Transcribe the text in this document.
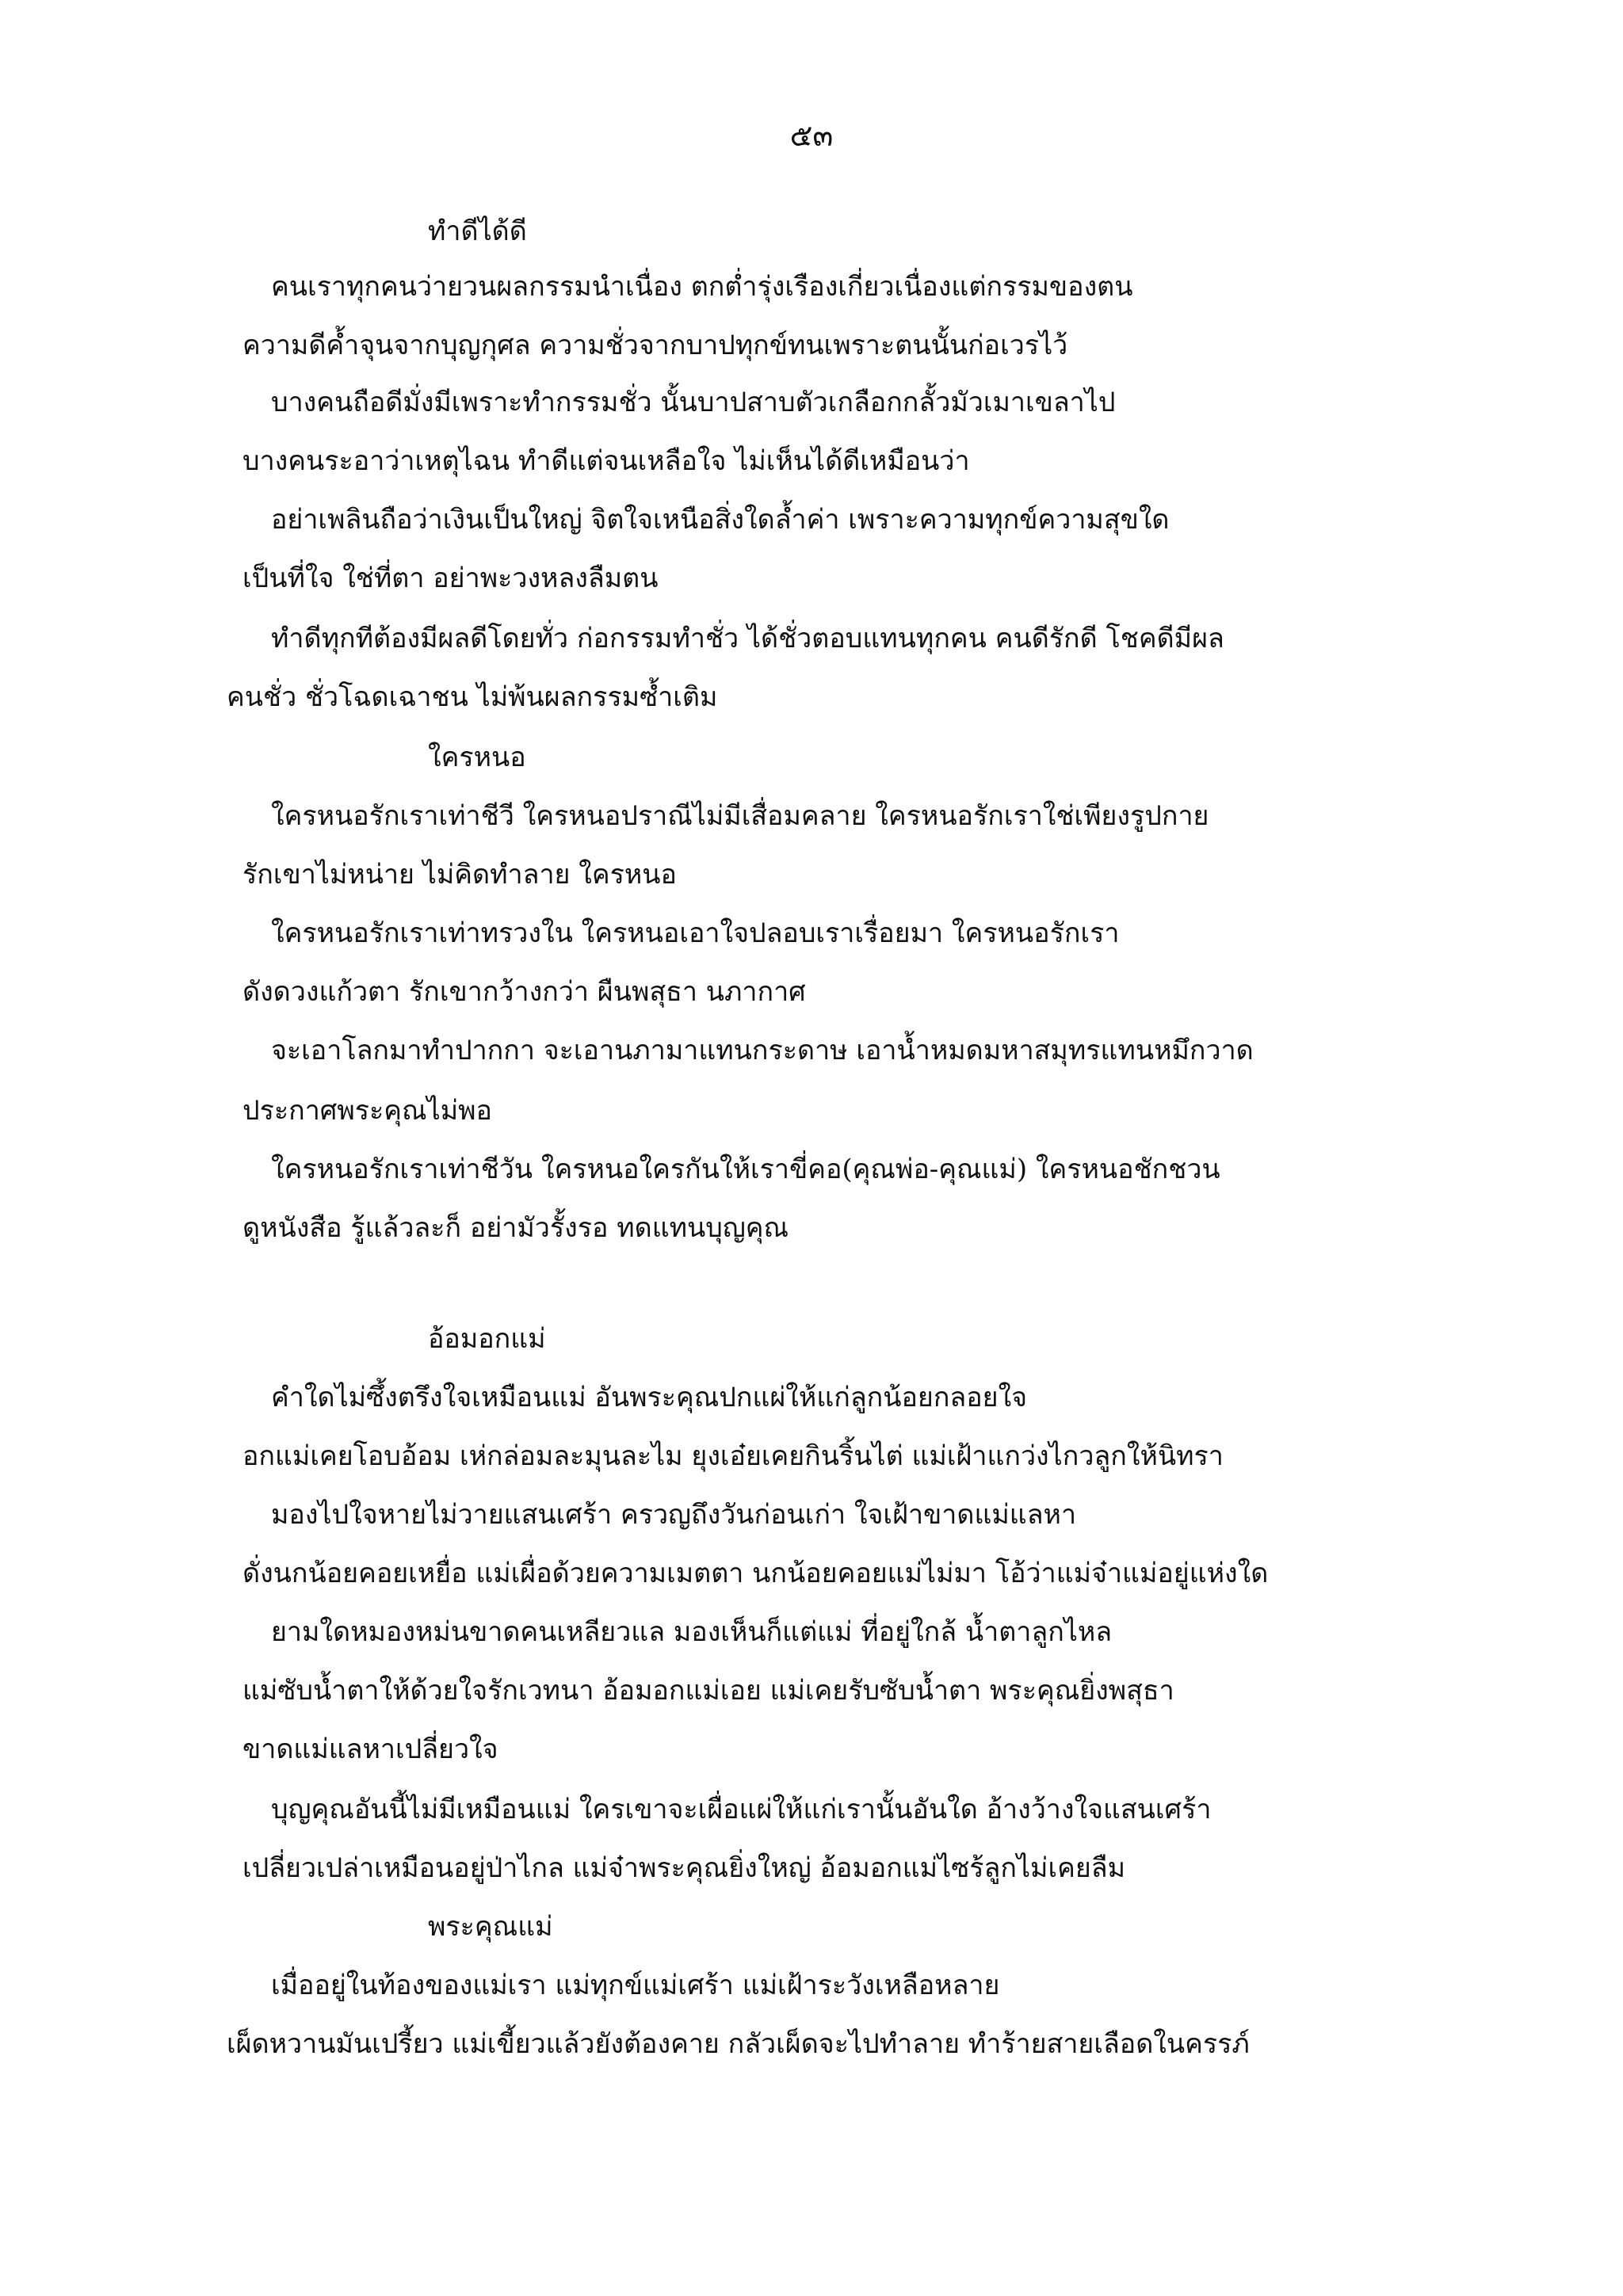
๕๓
ทำดีได้ดี
คนเราทุกคนว่ายวนผลกรรมนำเนื่อง ตกต่ำรุ่งเรืองเกี่ยวเนื่องแต่กรรมของตน
ความดีค้ำจุนจากบุญกุศล ความชั่วจากบาปทุกข์ทนเพราะตนนั้นก่อเวรไว้
บางคนถือดีมั่งมีเพราะทำกรรมชั่ว นั้นบาปสาบตัวเกลือกกลั้วมัวเมาเขลาไป
บางคนระอาว่าเหตุไฉน ทำดีแต่จนเหลือใจ ไม่เห็นได้ดีเหมือนว่า
อย่าเพลินถือว่าเงินเป็นใหญ่ จิตใจเหนือสิ่งใดล้ำค่า เพราะความทุกข์ความสุขใด
เป็นที่ใจ ใช่ที่ตา อย่าพะวงหลงลืมตน
ทำดีทุกทีต้องมีผลดีโดยทั่ว ก่อกรรมทำชั่ว ได้ชั่วตอบแทนทุกคน คนดีรักดี โชคดีมีผล
คนชั่ว ชั่วโฉดเฉาชน ไม่พ้นผลกรรมซ้ำเติม
ใครหนอ
ใครหนอรักเราเท่าชีวี ใครหนอปราณีไม่มีเสื่อมคลาย ใครหนอรักเราใช่เพียงรูปกาย
รักเขาไม่หน่าย ไม่คิดทำลาย ใครหนอ
ใครหนอรักเราเท่าทรวงใน ใครหนอเอาใจปลอบเราเรื่อยมา ใครหนอรักเรา
ดังดวงแก้วตา รักเขากว้างกว่า ผืนพสุธา นภากาศ
จะเอาโลกมาทำปากกา จะเอานภามาแทนกระดาษ เอาน้ำหมดมหาสมุทรแทนหมึกวาด
ประกาศพระคุณไม่พอ
ใครหนอรักเราเท่าชีวัน ใครหนอใครกันให้เราขี่คอ(คุณพ่อ-คุณแม่) ใครหนอชักชวน
ดูหนังสือ รู้แล้วละก็ อย่ามัวรั้งรอ ทดแทนบุญคุณ
อ้อมอกแม่
คำใดไม่ซึ้งตรึงใจเหมือนแม่ อันพระคุณปกแผ่ให้แก่ลูกน้อยกลอยใจ
อกแม่เคยโอบอ้อม เห่กล่อมละมุนละไม ยุงเอ๋ยเคยกินริ้นไต่ แม่เฝ้าแกว่งไกวลูกให้นิทรา
มองไปใจหายไม่วายแสนเศร้า ครวญถึงวันก่อนเก่า ใจเฝ้าขาดแม่แลหา
ดั่งนกน้อยคอยเหยื่อ แม่เผื่อด้วยความเมตตา นกน้อยคอยแม่ไม่มา โอ้ว่าแม่จ๋าแม่อยู่แห่งใด
ยามใดหมองหม่นขาดคนเหลียวแล มองเห็นก็แต่แม่ ที่อยู่ใกล้ น้ำตาลูกไหล
แม่ซับน้ำตาให้ด้วยใจรักเวทนา อ้อมอกแม่เอย แม่เคยรับซับน้ำตา พระคุณยิ่งพสุธา
ขาดแม่แลหาเปลี่ยวใจ
บุญคุณอันนี้ไม่มีเหมือนแม่ ใครเขาจะเผื่อแผ่ให้แก่เรานั้นอันใด อ้างว้างใจแสนเศร้า
เปลี่ยวเปล่าเหมือนอยู่ป่าไกล แม่จ๋าพระคุณยิ่งใหญ่ อ้อมอกแม่ไซร้ลูกไม่เคยลืม
พระคุณแม่
เมื่ออยู่ในท้องของแม่เรา แม่ทุกข์แม่เศร้า แม่เฝ้าระวังเหลือหลาย
เผ็ดหวานมันเปรี้ยว แม่เขี้ยวแล้วยังต้องคาย กลัวเผ็ดจะไปทำลาย ทำร้ายสายเลือดในครรภ์
